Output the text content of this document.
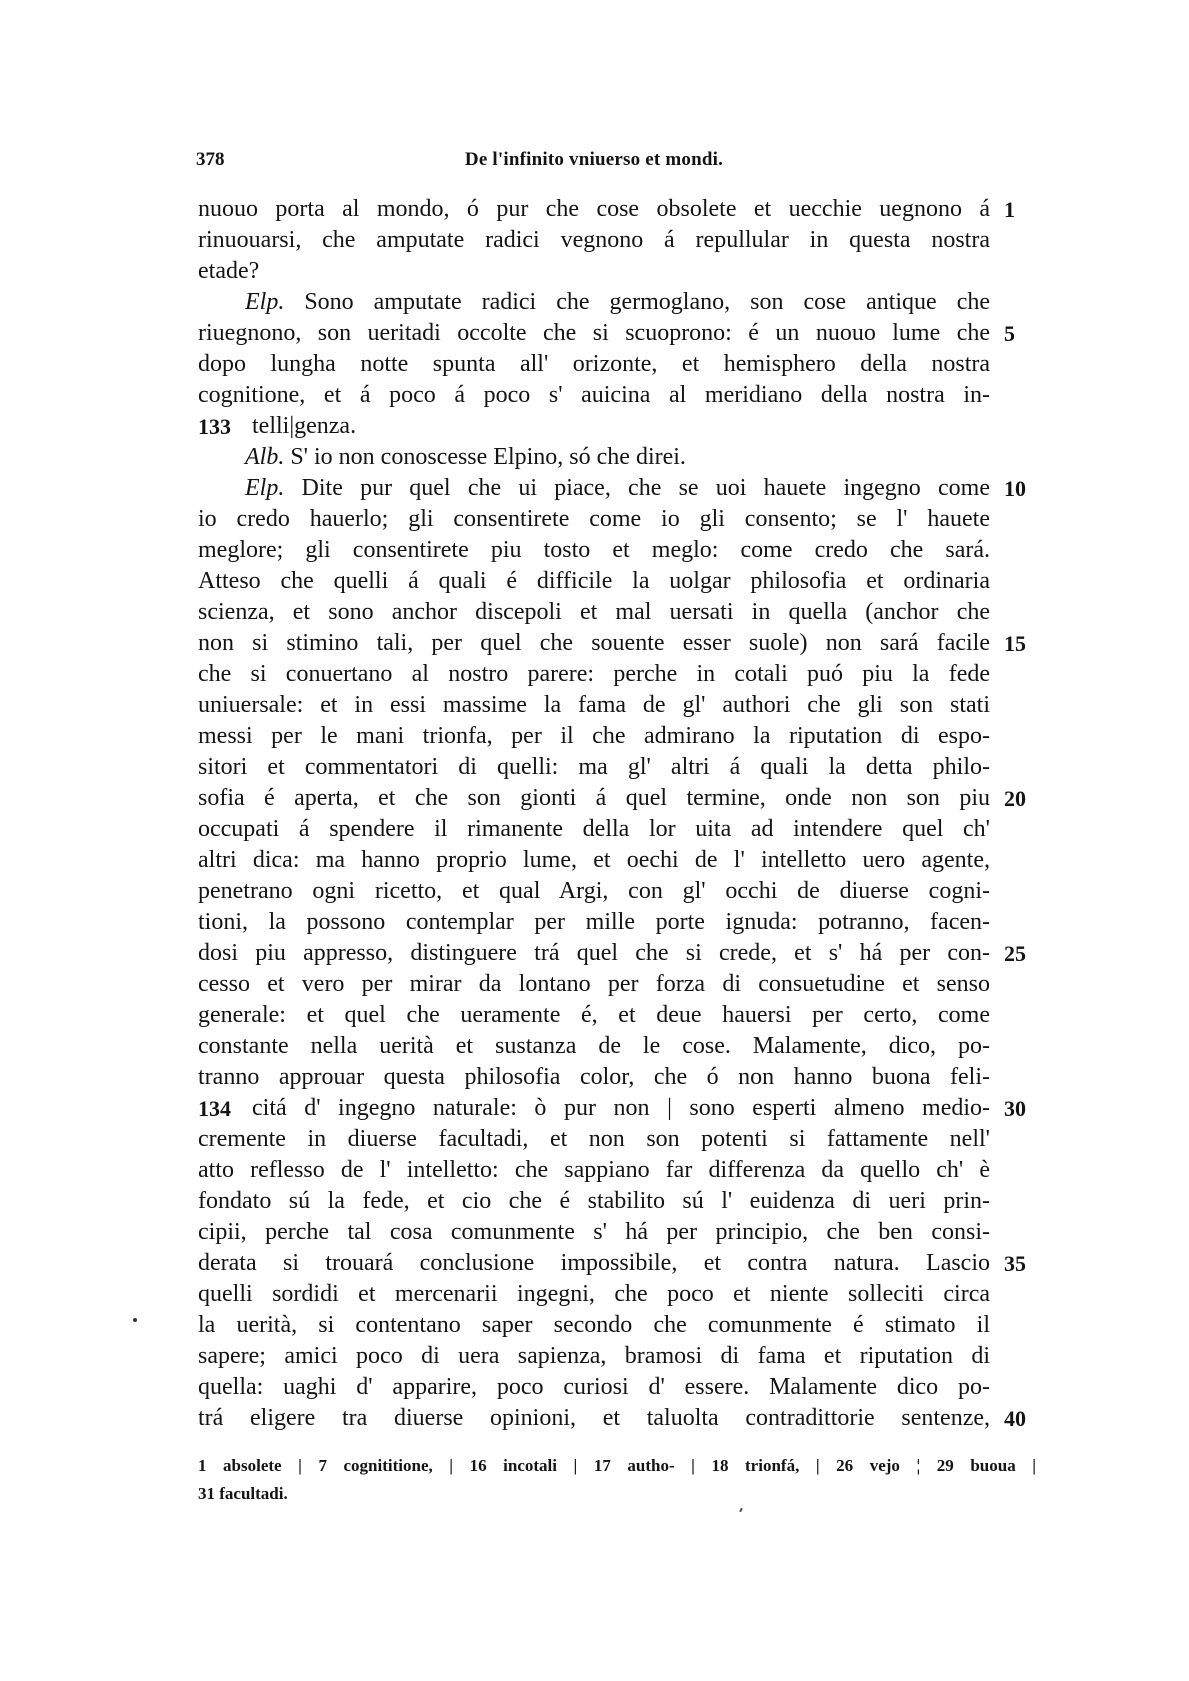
378	De l'infinito vniuerso et mondi.
nuouo porta al mondo, ó pur che cose obsolete et uecchie uegnono á 1
rinuouarsi, che amputate radici vegnono á repullular in questa nostra
etade?
Elp. Sono amputate radici che germoglano, son cose antique che
riuegnono, son ueritadi occolte che si scuoprono: é un nuouo lume che 5
dopo lungha notte spunta all' orizonte, et hemisphero della nostra
cognitione, et á poco á poco s' auicina al meridiano della nostra in-
133 telli|genza.
Alb. S' io non conoscesse Elpino, só che direi.
Elp. Dite pur quel che ui piace, che se uoi hauete ingegno come 10
io credo hauerlo; gli consentirete come io gli consento; se l' hauete
meglore; gli consentirete piu tosto et meglo: come credo che sará.
Atteso che quelli á quali é difficile la uolgar philosofia et ordinaria
scienza, et sono anchor discepoli et mal uersati in quella (anchor che
non si stimino tali, per quel che souente esser suole) non sará facile 15
che si conuertano al nostro parere: perche in cotali puó piu la fede
uniuersale: et in essi massime la fama de gl' authori che gli son stati
messi per le mani trionfa, per il che admirano la riputation di espo-
sitori et commentatori di quelli: ma gl' altri á quali la detta philo-
sofia é aperta, et che son gionti á quel termine, onde non son piu 20
occupati á spendere il rimanente della lor uita ad intendere quel ch'
altri dica: ma hanno proprio lume, et oechi de l' intelletto uero agente,
penetrano ogni ricetto, et qual Argi, con gl' occhi de diuerse cogni-
tioni, la possono contemplar per mille porte ignuda: potranno, facen-
dosi piu appresso, distinguere trá quel che si crede, et s' há per con- 25
cesso et vero per mirar da lontano per forza di consuetudine et senso
generale: et quel che ueramente é, et deue hauersi per certo, come
constante nella uerità et sustanza de le cose. Malamente, dico, po-
tranno approuar questa philosofia color, che ó non hanno buona feli-
134 citá d' ingegno naturale: ò pur non | sono esperti almeno medio- 30
cremente in diuerse facultadi, et non son potenti si fattamente nell'
atto reflesso de l' intelletto: che sappiano far differenza da quello ch' è
fondato sú la fede, et cio che é stabilito sú l' euidenza di ueri prin-
cipii, perche tal cosa comunmente s' há per principio, che ben consi-
derata si trouará conclusione impossibile, et contra natura. Lascio 35
quelli sordidi et mercenarii ingegni, che poco et niente solleciti circa
la uerità, si contentano saper secondo che comunmente é stimato il
sapere; amici poco di uera sapienza, bramosi di fama et riputation di
quella: uaghi d' apparire, poco curiosi d' essere. Malamente dico po-
trá eligere tra diuerse opinioni, et taluolta contradittorie sentenze, 40
1 absolete | 7 cognititione, | 16 incotali | 17 autho- | 18 trionfá, | 26 vejo ¦ 29 buoua |
31 facultadi.
